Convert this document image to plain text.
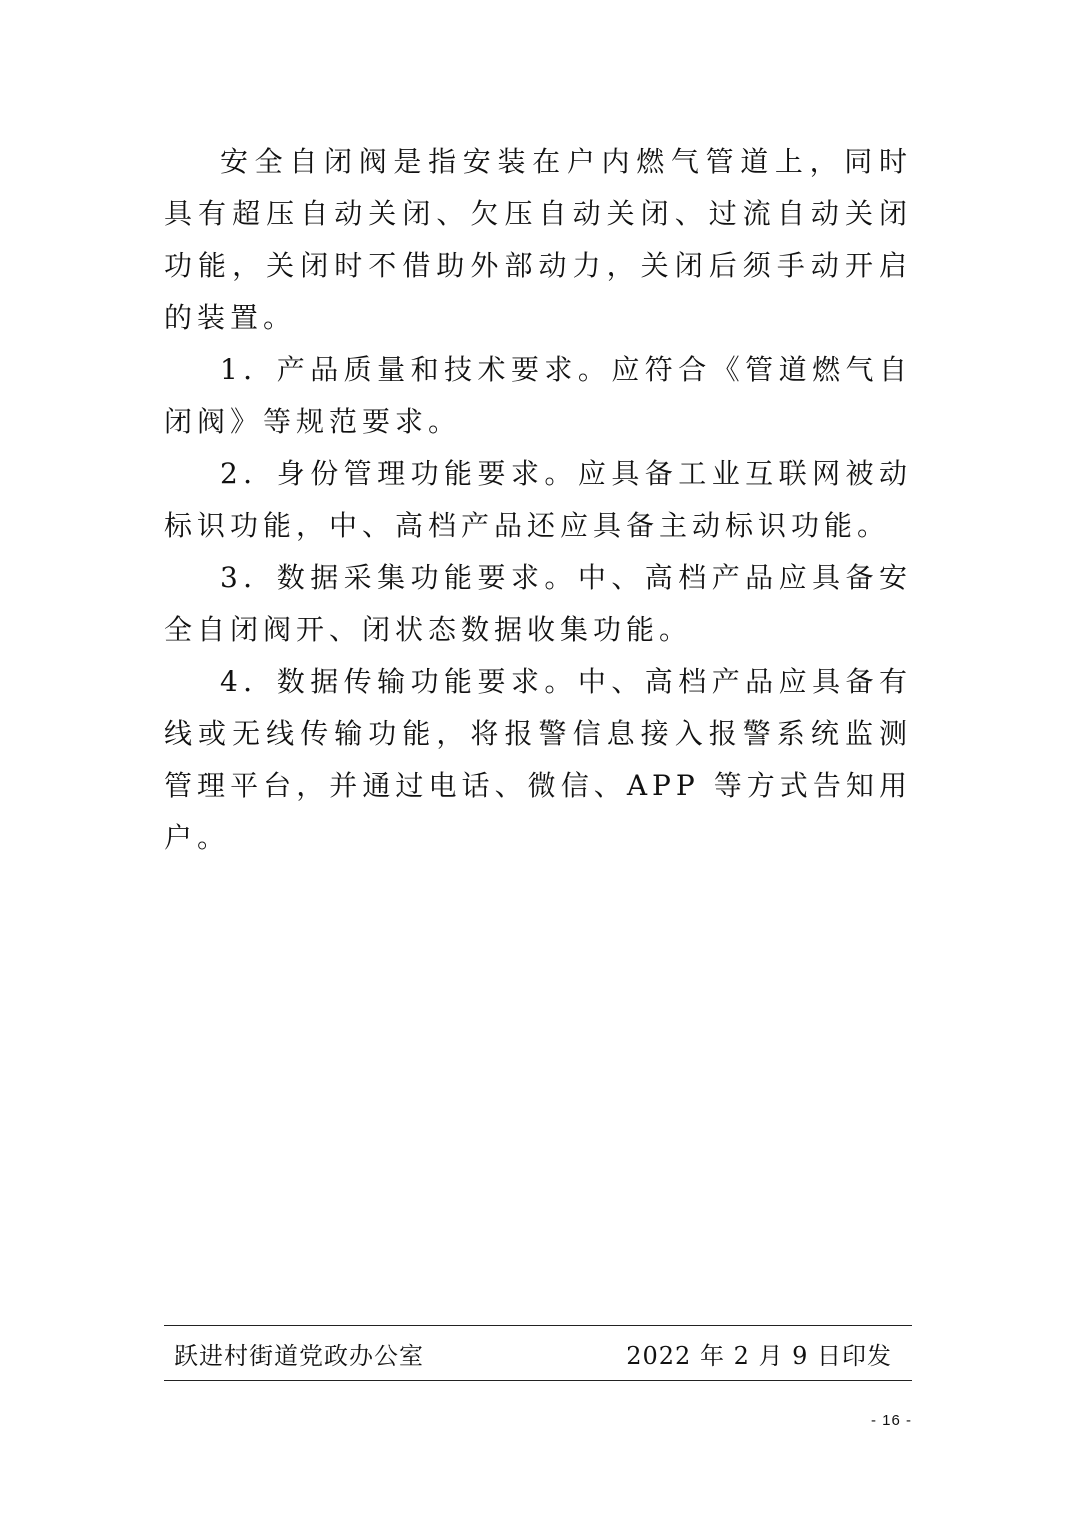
安全自闭阀是指安装在户内燃气管道上，同时具有超压自动关闭、欠压自动关闭、过流自动关闭功能，关闭时不借助外部动力，关闭后须手动开启的装置。

1．产品质量和技术要求。应符合《管道燃气自闭阀》等规范要求。

2．身份管理功能要求。应具备工业互联网被动标识功能，中、高档产品还应具备主动标识功能。

3．数据采集功能要求。中、高档产品应具备安全自闭阀开、闭状态数据收集功能。

4．数据传输功能要求。中、高档产品应具备有线或无线传输功能，将报警信息接入报警系统监测管理平台，并通过电话、微信、APP 等方式告知用户。

跃进村街道党政办公室	2022 年 2 月 9 日印发
- 16 -
